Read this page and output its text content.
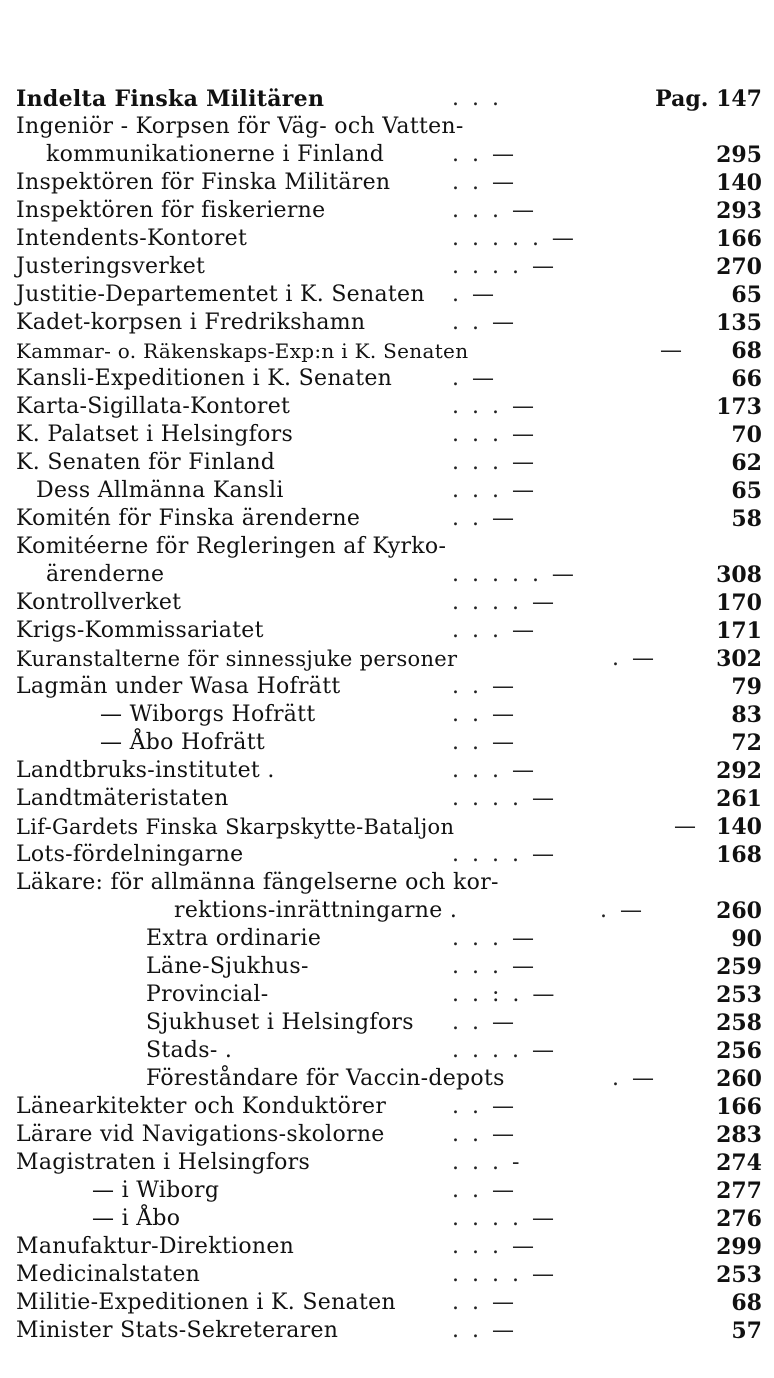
Indelta Finska Militären	. . .	Pag. 147
Ingeniör - Korpsen för Väg- och Vatten-
kommunikationerne i Finland	. . —	295
Inspektören för Finska Militären	. . —	140
Inspektören för fiskerierne	. . . —	293
Intendents-Kontoret	. . . . . —	166
Justeringsverket	. . . . —	270
Justitie-Departementet i K. Senaten . —	65
Kadet-korpsen i Fredrikshamn	. . —	135
Kammar- o. Räkenskaps-Exp:n i K. Senaten	— 68
Kansli-Expeditionen i K. Senaten	. —	66
Karta-Sigillata-Kontoret	. . . —	173
K. Palatset i Helsingfors	. . . —	70
K. Senaten för Finland	. . . —	62
Dess Allmänna Kansli	. . . —	65
Komitén för Finska ärenderne	. . —	58
Komitéerne för Regleringen af Kyrko-
ärenderne	. . . . . —	308
Kontrollverket	. . . . —	170
Krigs-Kommissariatet	. . . —	171
Kuranstalterne för sinnessjuke personer	. —	302
Lagmän under Wasa Hofrätt	. . —	79
— Wiborgs Hofrätt	. . —	83
— Åbo Hofrätt	. . —	72
Landtbruks-institutet .	. . . —	292
Landtmäteristaten	. . . . —	261
Lif-Gardets Finska Skarpskytte-Bataljon	— 140
Lots-fördelningarne	. . . . —	168
Läkare: för allmänna fängelserne och kor-
rektions-inrättningarne .	. —	260
Extra ordinarie	. . . —	90
Läne-Sjukhus-	. . . —	259
Provincial-	. . : . —	253
Sjukhuset i Helsingfors . . —	258
Stads- .	. . . . —	256
Föreståndare för Vaccin-depots	. —	260
Länearkitekter och Konduktörer	. . —	166
Lärare vid Navigations-skolorne	. . —	283
Magistraten i Helsingfors	. . . -	274
— i Wiborg	. . —	277
— i Åbo	. . . . —	276
Manufaktur-Direktionen	. . . —	299
Medicinalstaten	. . . . —	253
Militie-Expeditionen i K. Senaten	. . —	68
Minister Stats-Sekreteraren	. . —	57
